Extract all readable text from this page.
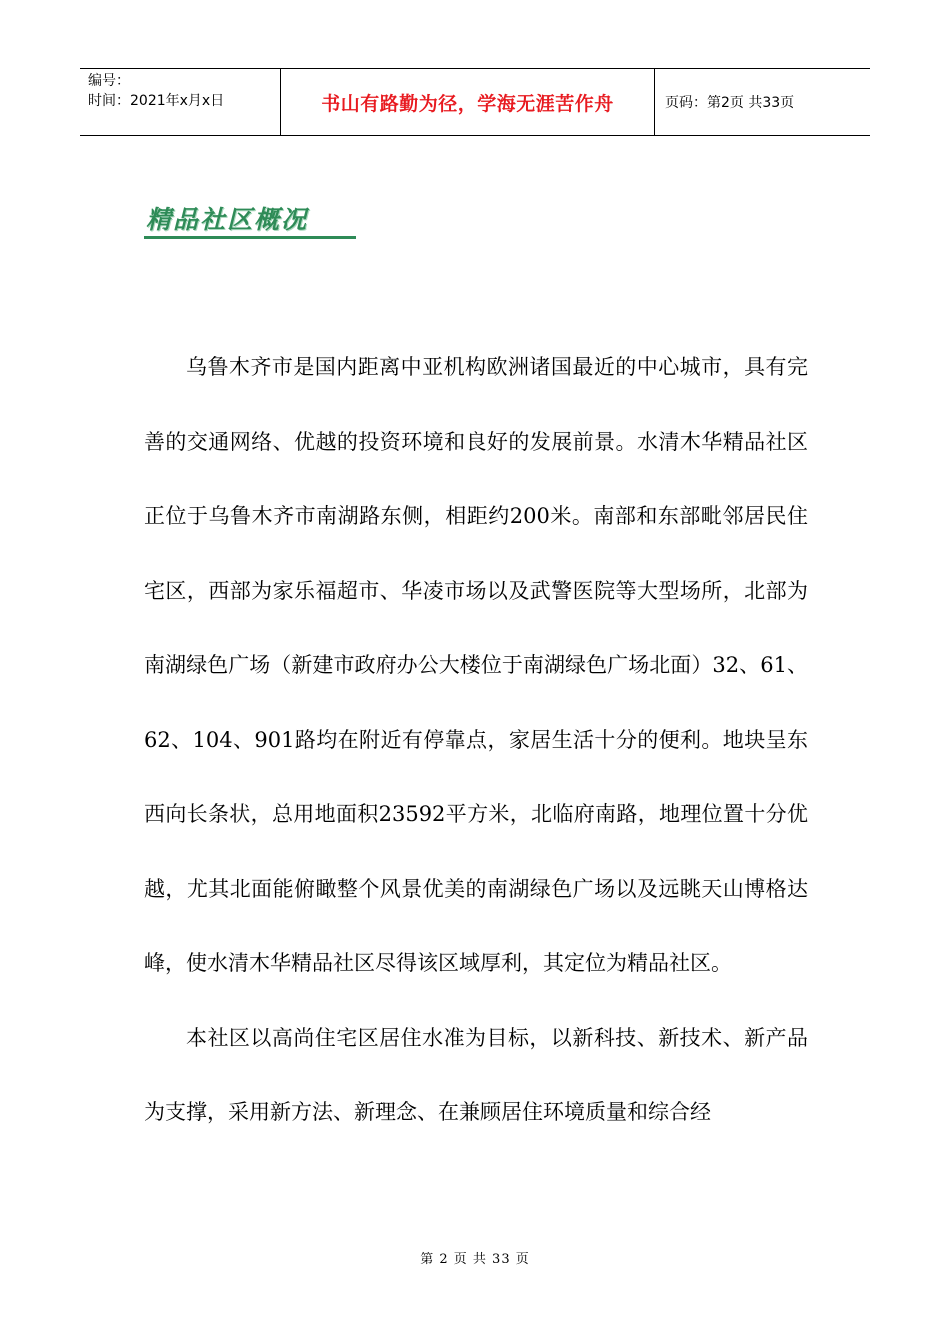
编号：
时间：2021年x月x日	书山有路勤为径，学海无涯苦作舟	页码：第2页 共33页
精品社区概况

乌鲁木齐市是国内距离中亚机构欧洲诸国最近的中心城市，具有完善的交通网络、优越的投资环境和良好的发展前景。水清木华精品社区正位于乌鲁木齐市南湖路东侧，相距约200米。南部和东部毗邻居民住宅区，西部为家乐福超市、华凌市场以及武警医院等大型场所，北部为南湖绿色广场（新建市政府办公大楼位于南湖绿色广场北面）32、61、62、104、901路均在附近有停靠点，家居生活十分的便利。地块呈东西向长条状，总用地面积23592平方米，北临府南路，地理位置十分优越，尤其北面能俯瞰整个风景优美的南湖绿色广场以及远眺天山博格达峰，使水清木华精品社区尽得该区域厚利，其定位为精品社区。

本社区以高尚住宅区居住水准为目标，以新科技、新技术、新产品为支撑，采用新方法、新理念、在兼顾居住环境质量和综合经

第 2 页 共 33 页
